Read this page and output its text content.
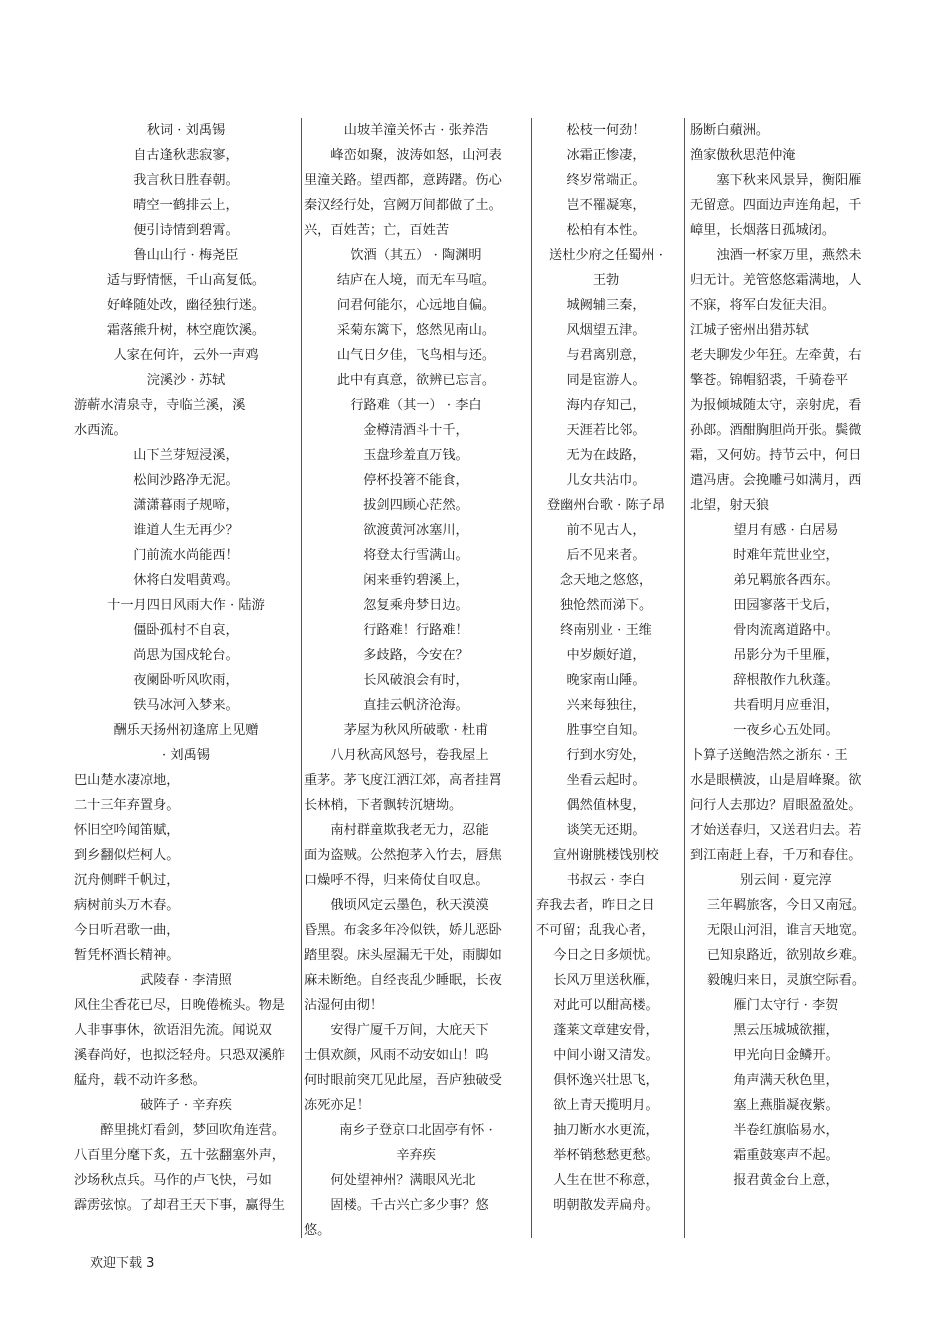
秋词 · 刘禹锡
自古逢秋悲寂寥，
我言秋日胜春朝。
晴空一鹤排云上，
便引诗情到碧霄。
鲁山山行 · 梅尧臣
适与野情惬，千山高复低。
好峰随处改，幽径独行迷。
霜落熊升树，林空鹿饮溪。
人家在何许，云外一声鸡
浣溪沙 · 苏轼
游蕲水清泉寺，寺临兰溪，溪
水西流。
山下兰芽短浸溪，
松间沙路净无泥。
潇潇暮雨子规啼，
谁道人生无再少？
门前流水尚能西！
休将白发唱黄鸡。
十一月四日风雨大作 · 陆游
僵卧孤村不自哀，
尚思为国戍轮台。
夜阑卧听风吹雨，
铁马冰河入梦来。
酬乐天扬州初逢席上见赠
· 刘禹锡
巴山楚水凄凉地，
二十三年弃置身。
怀旧空吟闻笛赋，
到乡翻似烂柯人。
沉舟侧畔千帆过，
病树前头万木春。
今日听君歌一曲，
暂凭杯酒长精神。
武陵春 · 李清照
风住尘香花已尽，日晚倦梳头。物是
人非事事休，欲语泪先流。闻说双
溪春尚好，也拟泛轻舟。只恐双溪舴
艋舟，载不动许多愁。
破阵子 · 辛弃疾
醉里挑灯看剑，梦回吹角连营。
八百里分麾下炙，五十弦翻塞外声，
沙场秋点兵。马作的卢飞快，弓如
霹雳弦惊。了却君王天下事，赢得生
山坡羊潼关怀古 · 张养浩
峰峦如聚，波涛如怒，山河表
里潼关路。望西都，意踌躇。伤心
秦汉经行处，宫阙万间都做了土。
兴，百姓苦；亡，百姓苦
饮酒（其五） · 陶渊明
结庐在人境，而无车马喧。
问君何能尔，心远地自偏。
采菊东篱下，悠然见南山。
山气日夕佳，飞鸟相与还。
此中有真意，欲辨已忘言。
行路难（其一） · 李白
金樽清酒斗十千，
玉盘珍羞直万钱。
停杯投箸不能食，
拔剑四顾心茫然。
欲渡黄河冰塞川，
将登太行雪满山。
闲来垂钓碧溪上，
忽复乘舟梦日边。
行路难！行路难！
多歧路，今安在？
长风破浪会有时，
直挂云帆济沧海。
茅屋为秋风所破歌 · 杜甫
八月秋高风怒号，卷我屋上
重茅。茅飞度江洒江郊，高者挂罥
长林梢，下者飘转沉塘坳。
南村群童欺我老无力，忍能
面为盗贼。公然抱茅入竹去，唇焦
口燥呼不得，归来倚仗自叹息。
俄顷风定云墨色，秋天漠漠
昏黑。布衾多年冷似铁，娇儿恶卧
踏里裂。床头屋漏无干处，雨脚如
麻未断绝。自经丧乱少睡眠，长夜
沾湿何由彻！
安得广厦千万间，大庇天下
士俱欢颜，风雨不动安如山！呜
何时眼前突兀见此屋，吾庐独破受
冻死亦足！
南乡子登京口北固亭有怀 ·
辛弃疾
何处望神州？满眼风光北
固楼。千古兴亡多少事？悠
悠。
松枝一何劲！
冰霜正惨凄，
终岁常端正。
岂不罹凝寒，
松柏有本性。
送杜少府之任蜀州 ·
王勃
城阙辅三秦，
风烟望五津。
与君离别意，
同是宦游人。
海内存知己，
天涯若比邻。
无为在歧路，
儿女共沾巾。
登幽州台歌 · 陈子昂
前不见古人，
后不见来者。
念天地之悠悠，
独怆然而涕下。
终南别业 · 王维
中岁颇好道，
晚家南山陲。
兴来每独往，
胜事空自知。
行到水穷处，
坐看云起时。
偶然值林叟，
谈笑无还期。
宣州谢朓楼饯别校
书叔云 · 李白
弃我去者，昨日之日
不可留；乱我心者，
今日之日多烦忧。
长风万里送秋雁，
对此可以酣高楼。
蓬莱文章建安骨，
中间小谢又清发。
俱怀逸兴壮思飞，
欲上青天揽明月。
抽刀断水水更流，
举杯销愁愁更愁。
人生在世不称意，
明朝散发弄扁舟。
肠断白蘋洲。
渔家傲秋思范仲淹
塞下秋来风景异，衡阳雁
无留意。四面边声连角起，千
嶂里，长烟落日孤城闭。
浊酒一杯家万里，燕然未
归无计。羌管悠悠霜满地，人
不寐，将军白发征夫泪。
江城子密州出猎苏轼
老夫聊发少年狂。左牵黄，右
擎苍。锦帽貂裘，千骑卷平
为报倾城随太守，亲射虎，看
孙郎。酒酣胸胆尚开张。鬓微
霜，又何妨。持节云中，何日
遣冯唐。会挽雕弓如满月，西
北望，射天狼
望月有感 · 白居易
时难年荒世业空，
弟兄羁旅各西东。
田园寥落干戈后，
骨肉流离道路中。
吊影分为千里雁，
辞根散作九秋蓬。
共看明月应垂泪，
一夜乡心五处同。
卜算子送鲍浩然之浙东 · 王
水是眼横波，山是眉峰聚。欲
问行人去那边？眉眼盈盈处。
才始送春归，又送君归去。若
到江南赶上春，千万和春住。
别云间 · 夏完淳
三年羁旅客，今日又南冠。
无限山河泪，谁言天地宽。
已知泉路近，欲别故乡难。
毅魄归来日，灵旗空际看。
雁门太守行 · 李贺
黑云压城城欲摧，
甲光向日金鳞开。
角声满天秋色里，
塞上燕脂凝夜紫。
半卷红旗临易水，
霜重鼓寒声不起。
报君黄金台上意，
欢迎下载 3
